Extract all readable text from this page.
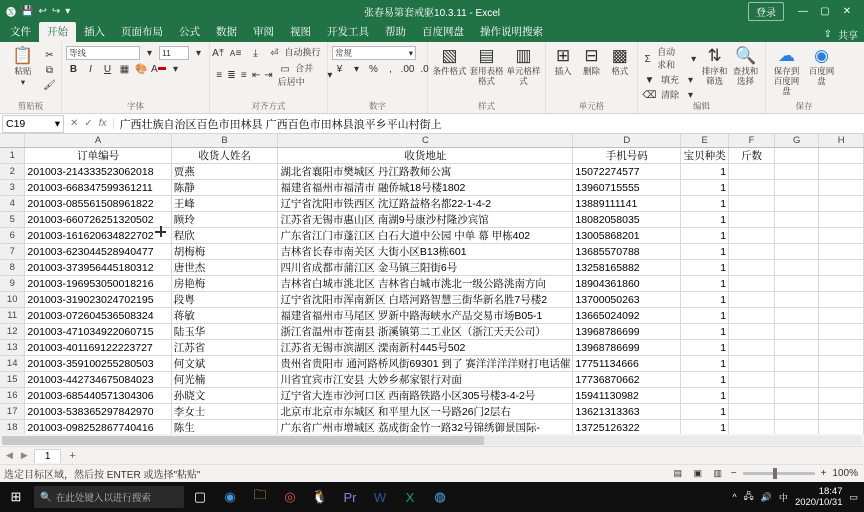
🅧 💾 ↩ ↪ ▾	张春易第套戒驱10.3.11 - Excel	登录	—	▢	✕
文件	开始	插入	页面布局	公式	数据	审阅	视图	开发工具	帮助	百度网盘	操作说明搜索	⇪ 共享
📋
粘贴
▾
✂
⧉
🖌
剪贴板
等线	▾	11	▾	A	A
B	I	U ▦ 🎨 A	▾
字体
⤒	≡	⤓	⏎ 自动换行
≡ ≣ ≡ ⇤ ⇥
▭ 合并后居中
▾
对齐方式
常规	▾
¥	▾	%	, .00 .0
数字
▧
条件格式
▤
套用表格格式
▥
单元格样式
样式
⊞
插入
⊟
删除
▩
格式
单元格
Σ
自动求和
▾
▼ 填充 ▾
⌫ 清除 ▾
⇅
排序和筛选
🔍
查找和选择
编辑
☁
保存到百度网盘
◉
百度网盘
保存
C19	▾ ✕ ✓ fx 广西壮族自治区百色市田林县 广西百色市田林县浪平乡平山村街上
	A	B	C	D	E	F	G	H
1	订单编号	收货人姓名	收货地址	手机号码	宝贝种类	斤数		
2	201003-214333523062018	贾燕	湖北省襄阳市樊城区 丹江路教师公寓	15072274577	1			
3	201003-668347599361211	陈静	福建省福州市福清市 融侨城18号楼1802	13960715555	1			
4	201003-085561508961822	王峰	辽宁省沈阳市铁西区 沈辽路益格名都22-1-4-2	13889111141	1			
5	201003-660726251320502	顾玲	江苏省无锡市惠山区 南湖9号康沙村隆沙宾馆	18082058035	1			
6	201003-161620634822702	程欣	广东省江门市蓬江区 白石大道中公园 中单 幕 甲栋402	13005868201	1			
7	201003-623044528940477	胡梅梅	吉林省长春市南关区 大街小区B13栋601	13685570788	1			
8	201003-373956445180312	唐世杰	四川省成都市蒲江区 金马镇三阳街6号	13258165882	1			
9	201003-196953050018216	房艳梅	吉林省白城市洮北区 吉林省白城市洮北一级公路洮南方向	18904361860	1			
10	201003-319023024702195	段粤	辽宁省沈阳市浑南新区 白塔河路智慧三街华新名胜7号楼2	13700050263	1			
11	201003-072604536508324	蒋敏	福建省福州市马尾区 罗新中路海峡水产品交易市场B05-1	13665024092	1			
12	201003-471034922060715	陆玉华	浙江省温州市苍南县 浙溪镇第二工业区（浙江天天公司）	13968786699	1			
13	201003-401169122223727	江苏省	江苏省无锡市滨湖区 溧南新村445号502	13968786699	1			
14	201003-359100255280503	何文斌	贵州省贵阳市 通河路桥风街69301 到了 赛洋洋洋洋财打电话催	17751134666	1			
15	201003-442734675084023	何光楠	川省宜宾市江安县 大妙乡郝家银行对面	17736870662	1			
16	201003-685440571304306	孙晓文	辽宁省大连市沙河口区 西南路铁路小区305号楼3-4-2号	15941130982	1			
17	201003-538365297842970	李女士	北京市北京市东城区 和平里九区一号路26门2层右	13621313363	1			
18	201003-098252867740416	陈生	广东省广州市增城区 荔成街金竹一路32号锦绣御景国际-	13725126322	1			

◀ ▶	1	+
选定目标区域，然后按 ENTER 或选择"粘贴"	▤	▣	▥ −	+ 100%
⊞	🔍 在此处键入以进行搜索	▢	◉	🗀	◎	🐧	Pr	W	X	◍	^ 🖧 🔊 中
18:47
2020/10/31
▭
